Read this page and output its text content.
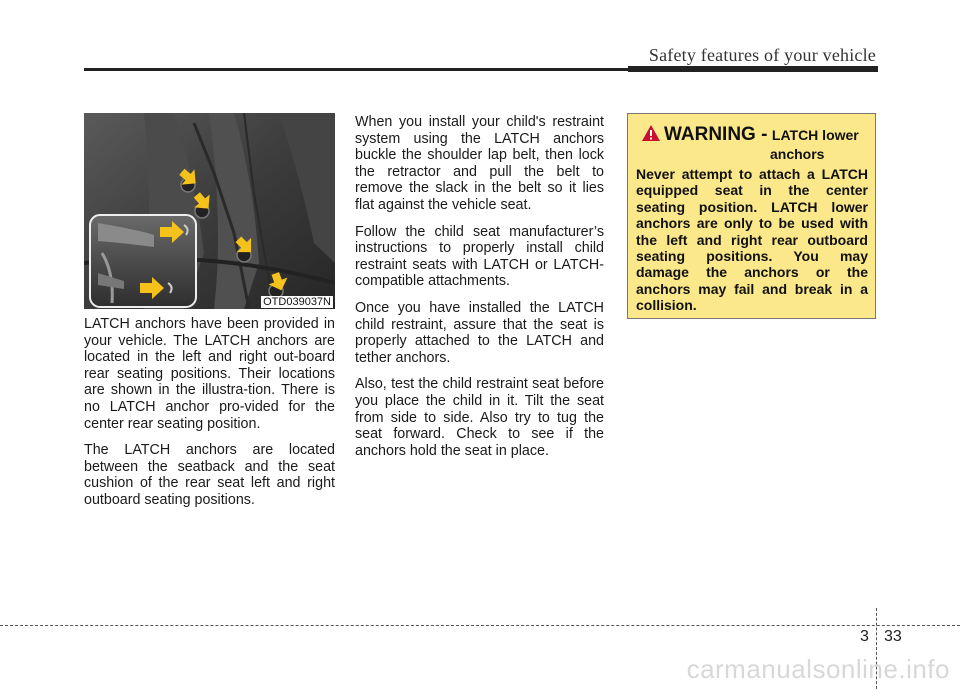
Safety features of your vehicle
OTD039037N

LATCH anchors have been provided in your vehicle. The LATCH anchors are located in the left and right out-board rear seating positions. Their locations are shown in the illustra-tion. There is no LATCH anchor pro-vided for the center rear seating position.

The LATCH anchors are located between the seatback and the seat cushion of the rear seat left and right outboard seating positions.

When you install your child's restraint system using the LATCH anchors buckle the shoulder lap belt, then lock the retractor and pull the belt to remove the slack in the belt so it lies flat against the vehicle seat.

Follow the child seat manufacturer’s instructions to properly install child restraint seats with LATCH or LATCH-compatible attachments.

Once you have installed the LATCH child restraint, assure that the seat is properly attached to the LATCH and tether anchors.

Also, test the child restraint seat before you place the child in it. Tilt the seat from side to side. Also try to tug the seat forward. Check to see if the anchors hold the seat in place.

WARNING - LATCH lower
anchors
Never attempt to attach a LATCH equipped seat in the center seating position. LATCH lower anchors are only to be used with the left and right rear outboard seating positions. You may damage the anchors or the anchors may fail and break in a collision.
3 33
carmanualsonline.info
